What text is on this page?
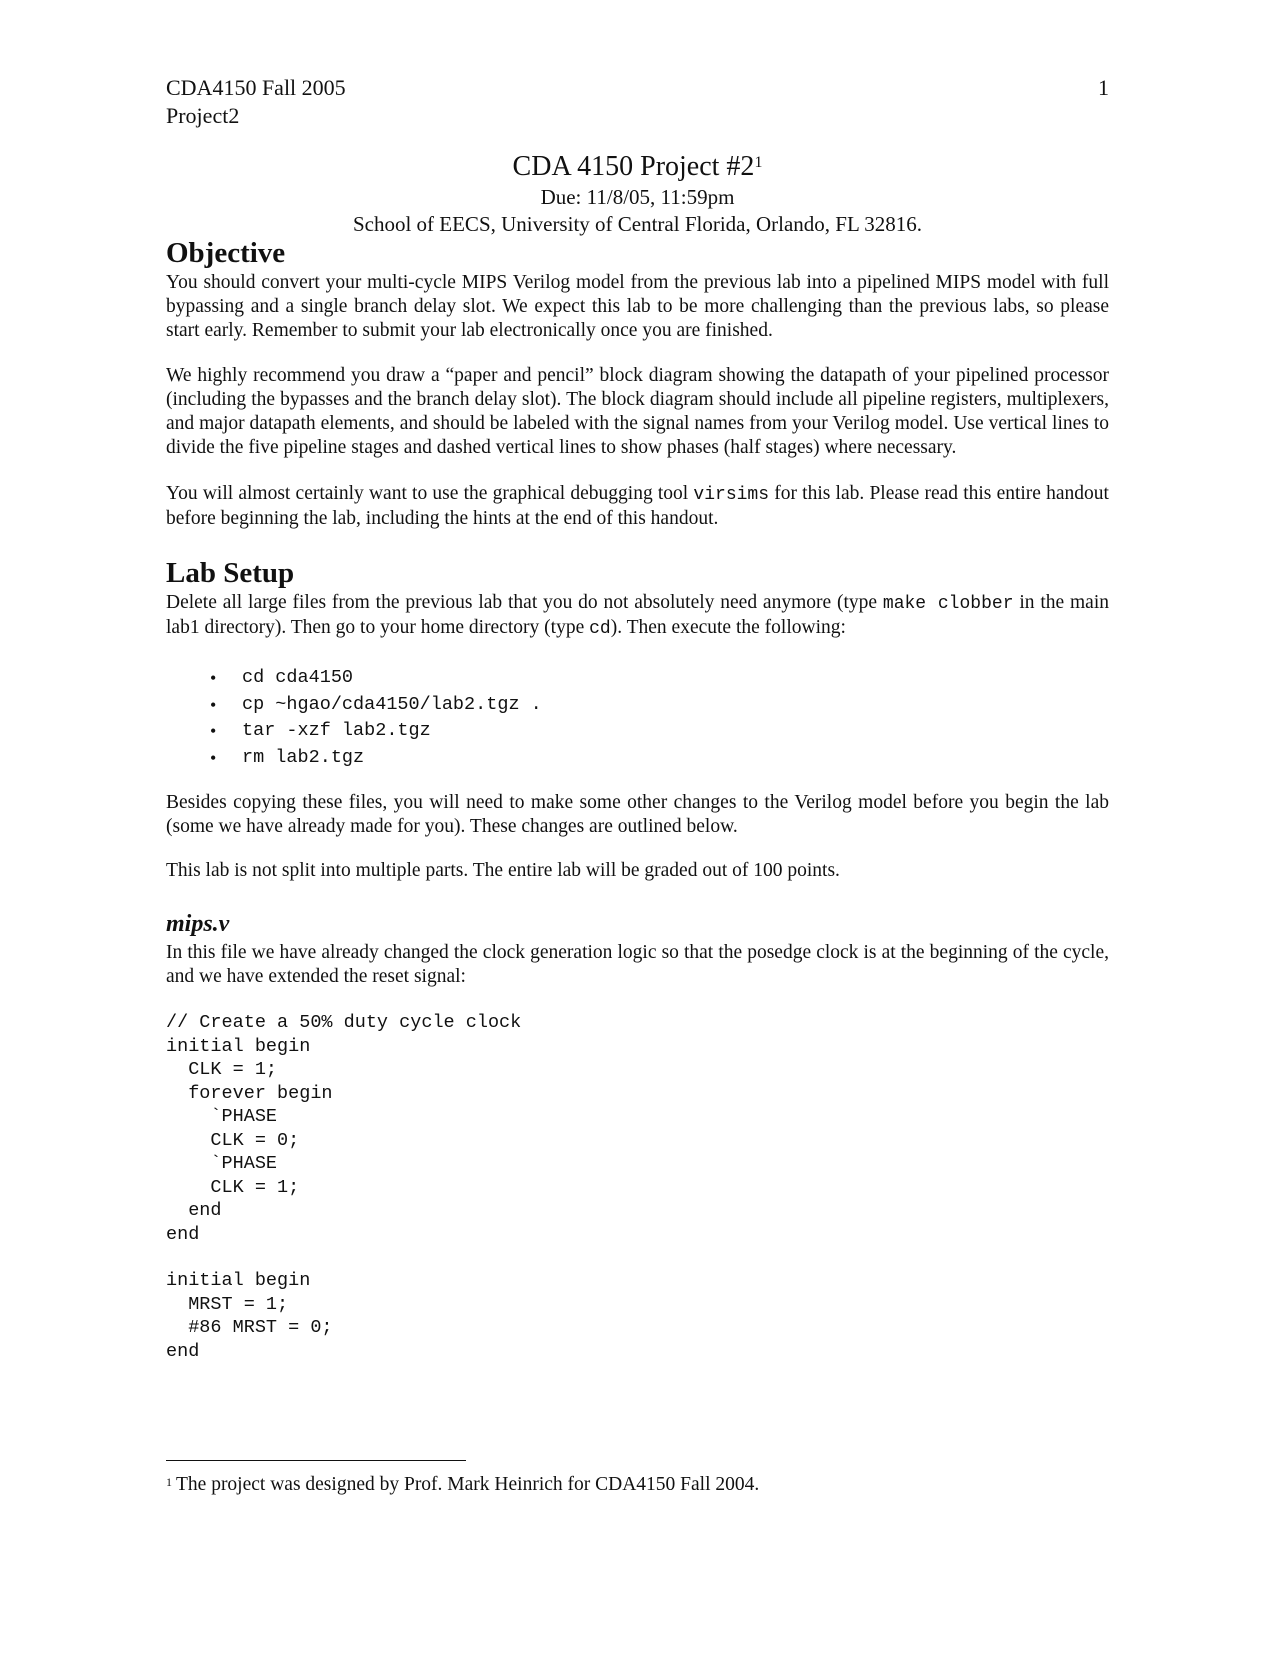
CDA4150 Fall 2005
Project2
1
CDA 4150 Project $\#2^1$
Due: 11/8/05, 11:59pm
School of EECS, University of Central Florida, Orlando, FL 32816.
Objective

You should convert your multi-cycle MIPS Verilog model from the previous lab into a pipelined MIPS model with full bypassing and a single branch delay slot. We expect this lab to be more challenging than the previous labs, so please start early. Remember to submit your lab electronically once you are finished.

We highly recommend you draw a “paper and pencil” block diagram showing the datapath of your pipelined processor (including the bypasses and the branch delay slot). The block diagram should include all pipeline registers, multiplexers, and major datapath elements, and should be labeled with the signal names from your Verilog model. Use vertical lines to divide the five pipeline stages and dashed vertical lines to show phases (half stages) where necessary.

You will almost certainly want to use the graphical debugging tool virsims for this lab. Please read this entire handout before beginning the lab, including the hints at the end of this handout.

Lab Setup

Delete all large files from the previous lab that you do not absolutely need anymore (type make clobber in the main lab1 directory). Then go to your home directory (type cd). Then execute the following:

• cd cda4150
• cp ~hgao/cda4150/lab2.tgz .
• tar -xzf lab2.tgz
• rm lab2.tgz

Besides copying these files, you will need to make some other changes to the Verilog model before you begin the lab (some we have already made for you). These changes are outlined below.

This lab is not split into multiple parts. The entire lab will be graded out of 100 points.

mips.v

In this file we have already changed the clock generation logic so that the posedge clock is at the beginning of the cycle, and we have extended the reset signal:

// Create a 50% duty cycle clock
initial begin
CLK = 1;
forever begin
`PHASE
CLK = 0;
`PHASE
CLK = 1;
end
end
initial begin
MRST = 1;
#86 MRST = 0;
end
$^1$ The project was designed by Prof. Mark Heinrich for CDA4150 Fall 2004.
